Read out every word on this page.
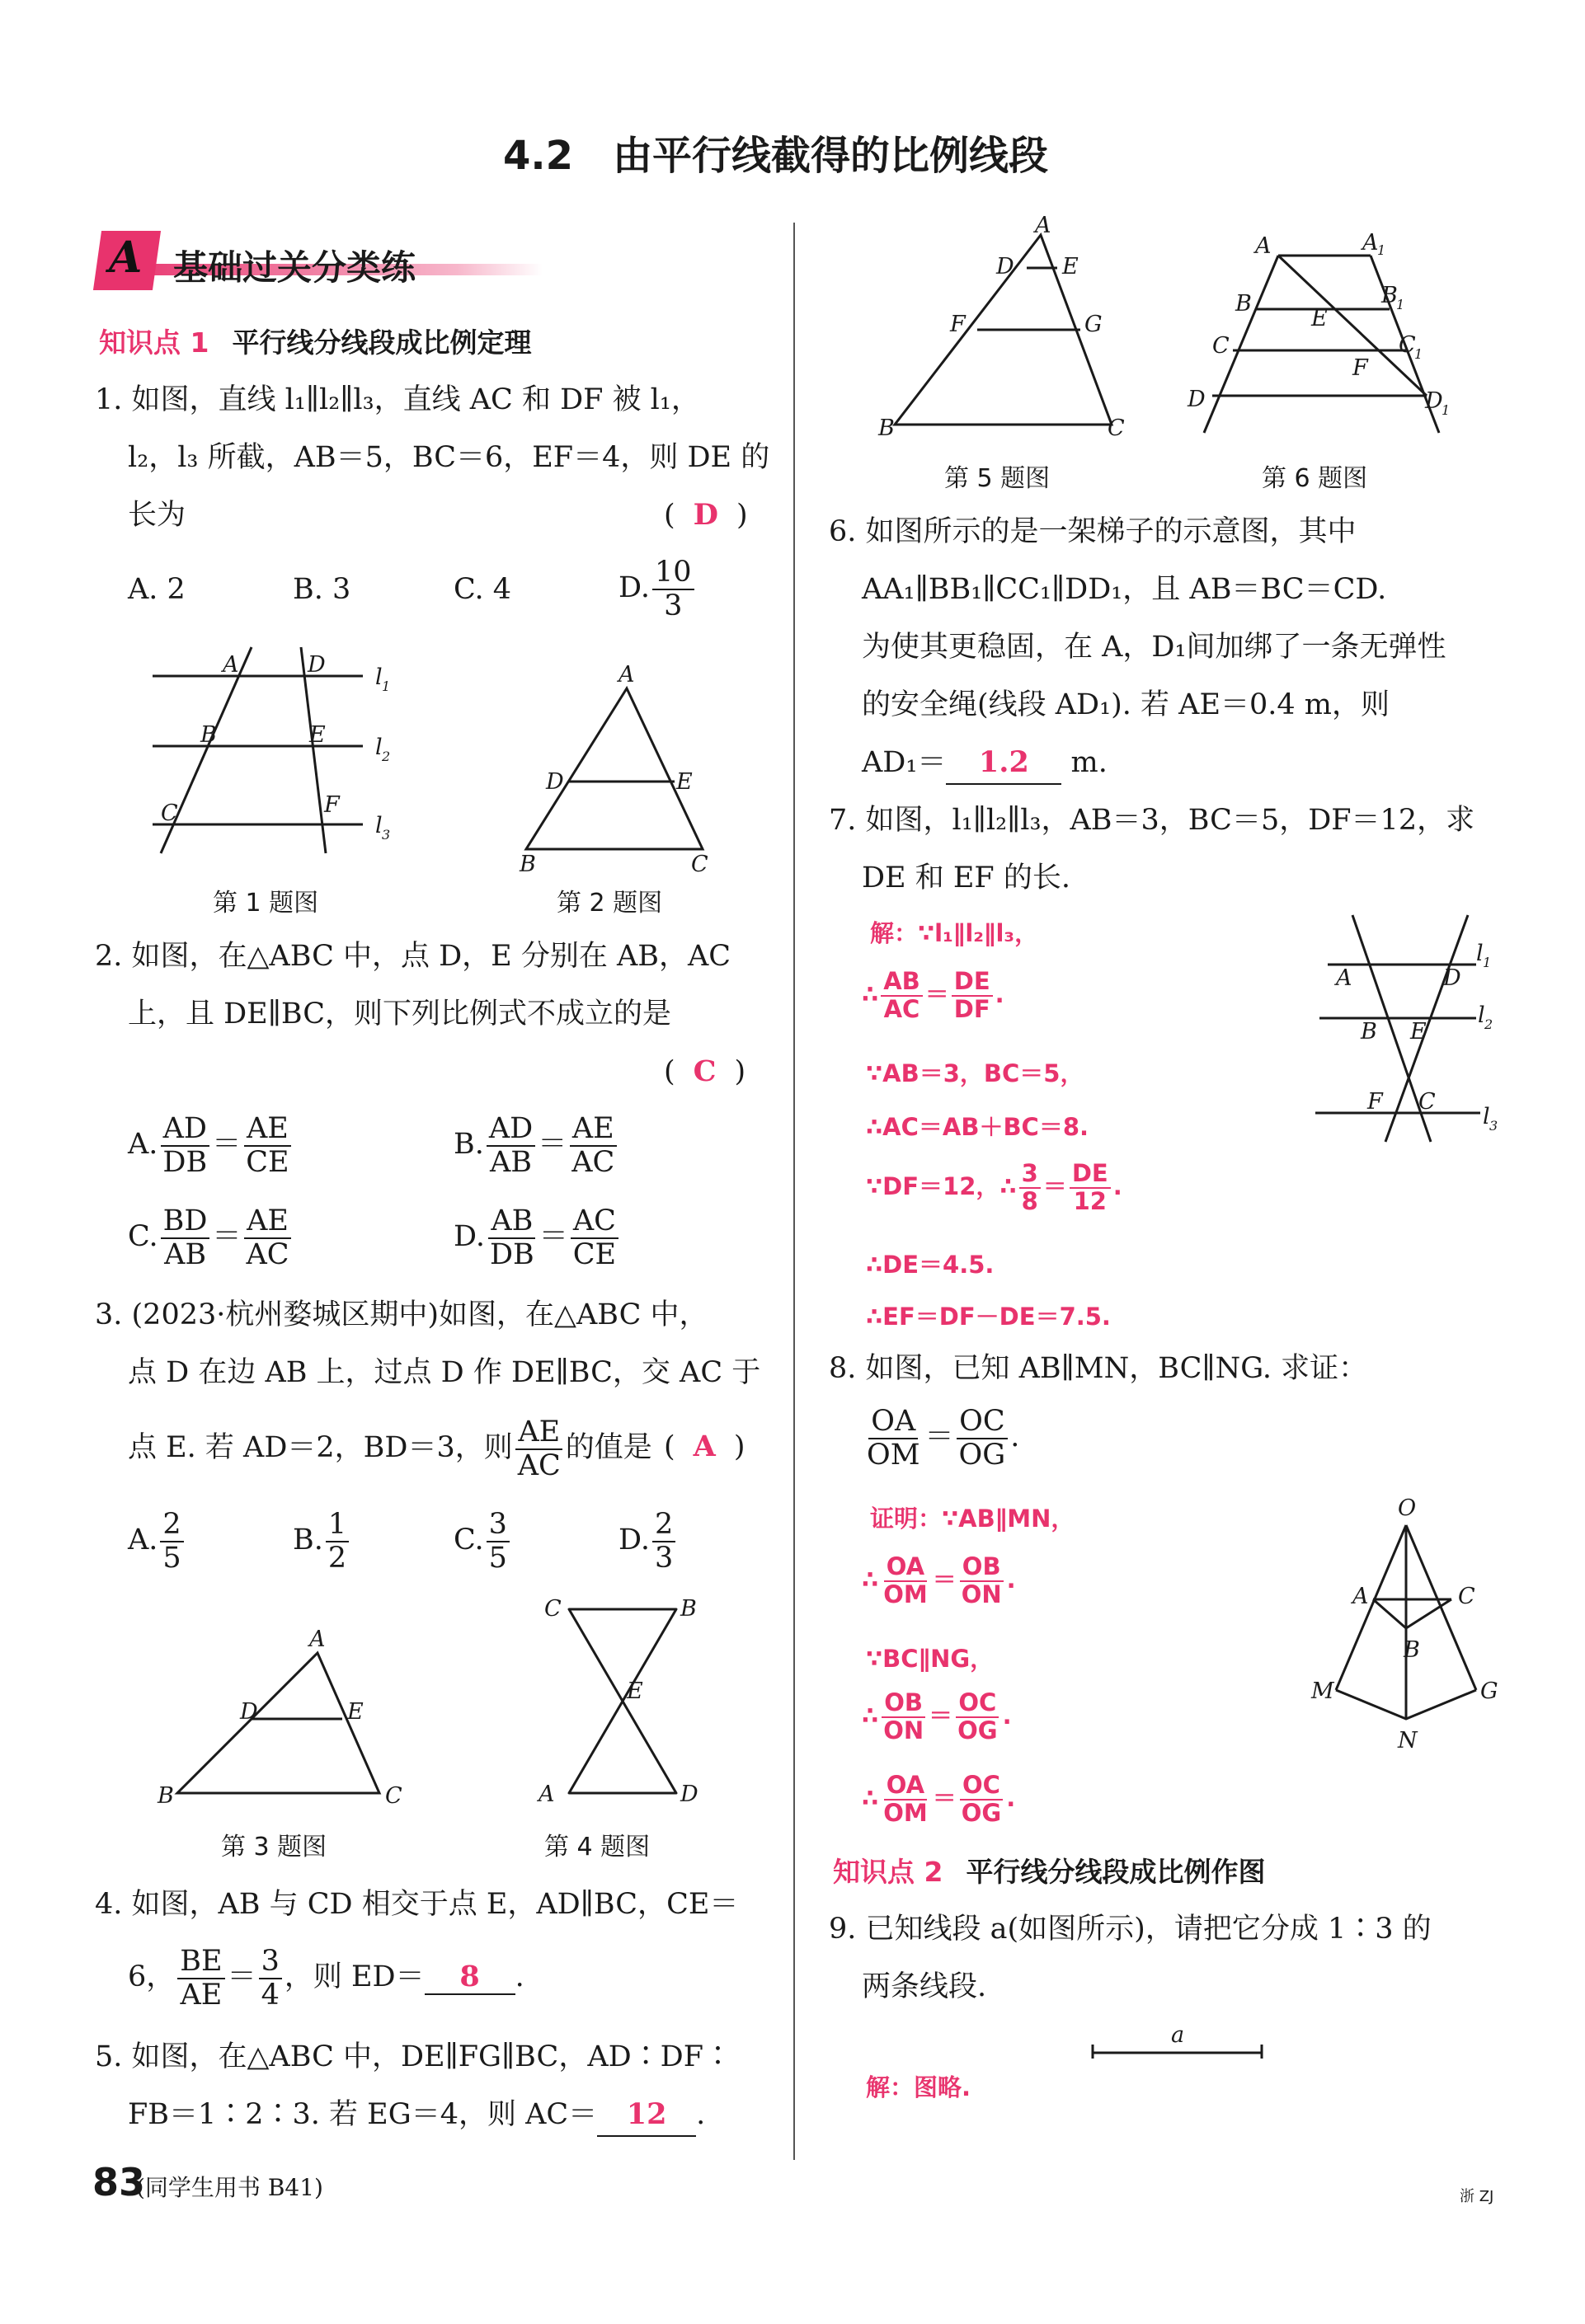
4.2　由平行线截得的比例线段
A 基础过关分类练
知识点 1 平行线分线段成比例定理
1. 如图，直线 l₁∥l₂∥l₃，直线 AC 和 DF 被 l₁，
l₂，l₃ 所截，AB＝5，BC＝6，EF＝4，则 DE 的
长为	( D )
A. 2	B. 3	C. 4	D. $\frac{10}{3}$
A	D l 1
B	E l 2
C	F
l 3
第 1 题图
A
D	E
B	C
第 2 题图
2. 如图，在△ABC 中，点 D，E 分别在 AB，AC
上，且 DE∥BC，则下列比例式不成立的是
( C )
A. $\frac{AD}{DB} = \frac{AE}{CE}$	B. $\frac{AD}{AB} = \frac{AE}{AC}$
C. $\frac{BD}{AB} = \frac{AE}{AC}$	D. $\frac{AB}{DB} = \frac{AC}{CE}$
3. (2023·杭州婺城区期中)如图，在△ABC 中，
点 D 在边 AB 上，过点 D 作 DE∥BC，交 AC 于
点 E. 若 AD＝2，BD＝3，则 $\frac{AE}{AC}$ 的值是 ( A )
A. $\frac{2}{5}$	B. $\frac{1}{2}$	C. $\frac{3}{5}$	D. $\frac{2}{3}$
A
D	E
B	C
第 3 题图
C	B
E
A	D
第 4 题图
4. 如图，AB 与 CD 相交于点 E，AD∥BC，CE＝
6， $\frac{BE}{AE} = \frac{3}{4}$ ，则 ED＝ 8 .
5. 如图，在△ABC 中，DE∥FG∥BC，AD∶DF∶
FB＝1∶2∶3. 若 EG＝4，则 AC＝ 12 .
A
D E
F	G
B	C
第 5 题图
A	A
1
B	B
1
E
C	C
1
F
D	D
1
第 6 题图
6. 如图所示的是一架梯子的示意图，其中
AA₁∥BB₁∥CC₁∥DD₁，且 AB＝BC＝CD.
为使其更稳固，在 A，D₁间加绑了一条无弹性
的安全绳(线段 AD₁). 若 AE＝0.4 m，则
AD₁＝ 1.2 m.
7. 如图，l₁∥l₂∥l₃，AB＝3，BC＝5，DF＝12，求
DE 和 EF 的长.
解：∵l₁∥l₂∥l₃，
∴ $\frac{AB}{AC} = \frac{DE}{DF}$ .
∵AB＝3，BC＝5，
∴AC＝AB＋BC＝8.
∵DF＝12，∴ $\frac{3}{8} = \frac{DE}{12}$ .
∴DE＝4.5.
∴EF＝DF－DE＝7.5.
A	D
l 1
B E
l 2
F C
l 3
8. 如图，已知 AB∥MN，BC∥NG. 求证：
$\frac{OA}{OM} = \frac{OC}{OG}$ .
证明：∵AB∥MN，
∴ $\frac{OA}{OM} = \frac{OB}{ON}$ .
∵BC∥NG，
∴ $\frac{OB}{ON} = \frac{OC}{OG}$ .
∴ $\frac{OA}{OM} = \frac{OC}{OG}$ .
O
A	C
B
M	G
N
知识点 2 平行线分线段成比例作图
9. 已知线段 a(如图所示)，请把它分成 1∶3 的
两条线段.
a
解：图略.
83
(同学生用书 B41)	浙 ZJ
